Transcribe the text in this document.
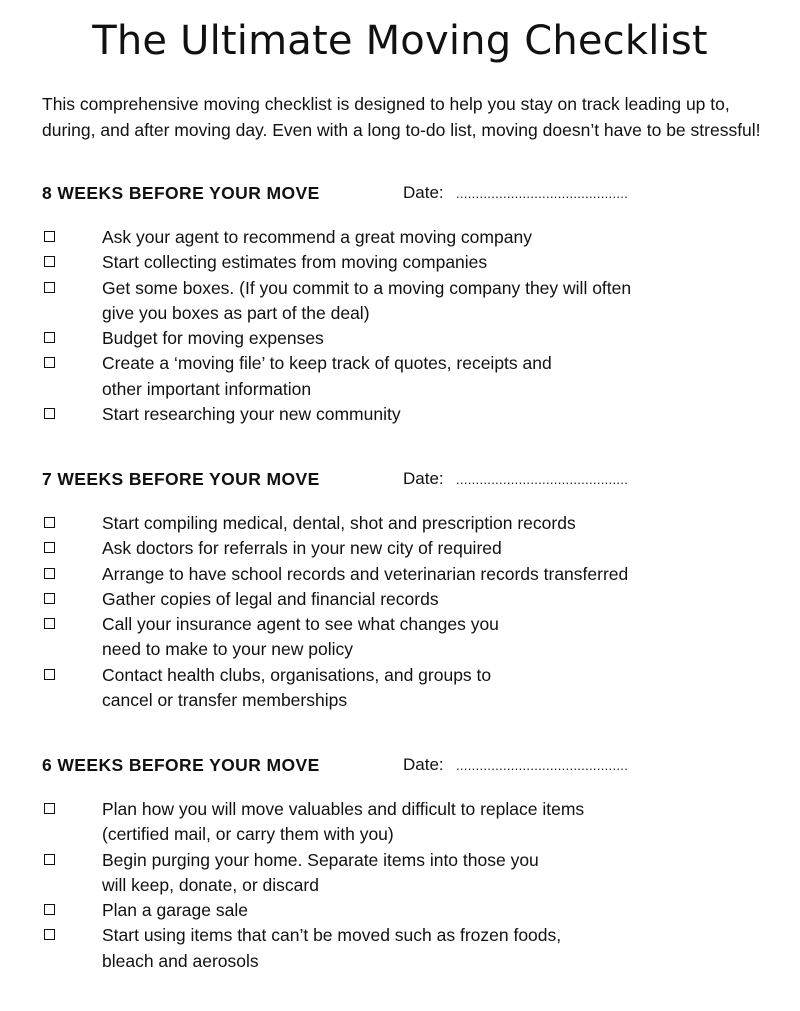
The Ultimate Moving Checklist

This comprehensive moving checklist is designed to help you stay on track leading up to, during, and after moving day. Even with a long to-do list, moving doesn’t have to be stressful!

8 WEEKS BEFORE YOUR MOVE	Date: ............................................
Ask your agent to recommend a great moving company
Start collecting estimates from moving companies
Get some boxes. (If you commit to a moving company they will often
give you boxes as part of the deal)
Budget for moving expenses
Create a ‘moving file’ to keep track of quotes, receipts and
other important information
Start researching your new community
7 WEEKS BEFORE YOUR MOVE	Date: ............................................
Start compiling medical, dental, shot and prescription records
Ask doctors for referrals in your new city of required
Arrange to have school records and veterinarian records transferred
Gather copies of legal and financial records
Call your insurance agent to see what changes you
need to make to your new policy
Contact health clubs, organisations, and groups to
cancel or transfer memberships
6 WEEKS BEFORE YOUR MOVE	Date: ............................................
Plan how you will move valuables and difficult to replace items
(certified mail, or carry them with you)
Begin purging your home. Separate items into those you
will keep, donate, or discard
Plan a garage sale
Start using items that can’t be moved such as frozen foods,
bleach and aerosols
